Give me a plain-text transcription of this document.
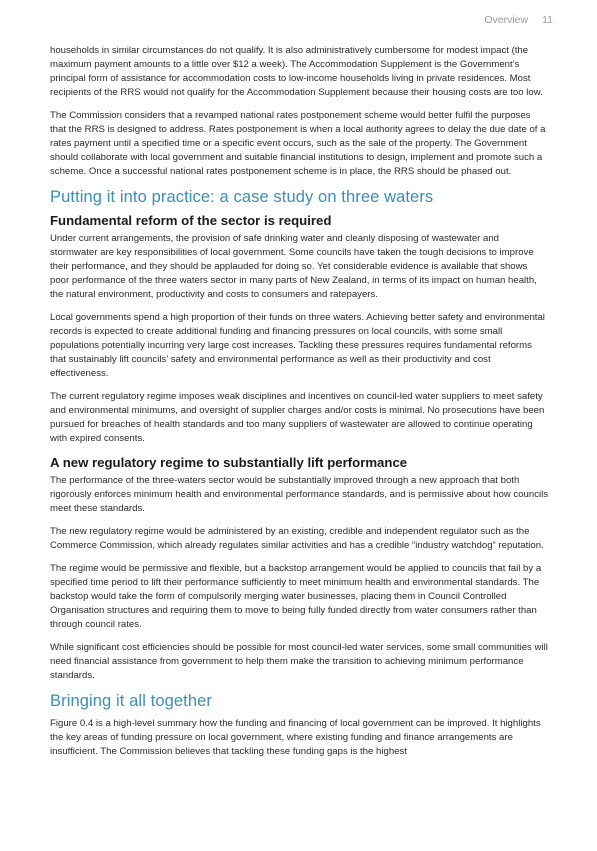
Overview 11

households in similar circumstances do not qualify. It is also administratively cumbersome for modest impact (the maximum payment amounts to a little over $12 a week). The Accommodation Supplement is the Government’s principal form of assistance for accommodation costs to low-income households living in private residences. Most recipients of the RRS would not qualify for the Accommodation Supplement because their housing costs are too low.

The Commission considers that a revamped national rates postponement scheme would better fulfil the purposes that the RRS is designed to address. Rates postponement is when a local authority agrees to delay the due date of a rates payment until a specified time or a specific event occurs, such as the sale of the property. The Government should collaborate with local government and suitable financial institutions to design, implement and promote such a scheme. Once a successful national rates postponement scheme is in place, the RRS should be phased out.

Putting it into practice: a case study on three waters
Fundamental reform of the sector is required

Under current arrangements, the provision of safe drinking water and cleanly disposing of wastewater and stormwater are key responsibilities of local government. Some councils have taken the tough decisions to improve their performance, and they should be applauded for doing so. Yet considerable evidence is available that shows poor performance of the three waters sector in many parts of New Zealand, in terms of its impact on human health, the natural environment, productivity and costs to consumers and ratepayers.

Local governments spend a high proportion of their funds on three waters. Achieving better safety and environmental records is expected to create additional funding and financing pressures on local councils, with some small populations potentially incurring very large cost increases. Tackling these pressures requires fundamental reforms that sustainably lift councils’ safety and environmental performance as well as their productivity and cost effectiveness.

The current regulatory regime imposes weak disciplines and incentives on council-led water suppliers to meet safety and environmental minimums, and oversight of supplier charges and/or costs is minimal. No prosecutions have been pursued for breaches of health standards and too many suppliers of wastewater are allowed to continue operating with expired consents.

A new regulatory regime to substantially lift performance

The performance of the three-waters sector would be substantially improved through a new approach that both rigorously enforces minimum health and environmental performance standards, and is permissive about how councils meet these standards.

The new regulatory regime would be administered by an existing, credible and independent regulator such as the Commerce Commission, which already regulates similar activities and has a credible “industry watchdog” reputation.

The regime would be permissive and flexible, but a backstop arrangement would be applied to councils that fail by a specified time period to lift their performance sufficiently to meet minimum health and environmental standards. The backstop would take the form of compulsorily merging water businesses, placing them in Council Controlled Organisation structures and requiring them to move to being fully funded directly from water consumers rather than through council rates.

While significant cost efficiencies should be possible for most council-led water services, some small communities will need financial assistance from government to help them make the transition to achieving minimum performance standards.

Bringing it all together

Figure 0.4 is a high-level summary how the funding and financing of local government can be improved. It highlights the key areas of funding pressure on local government, where existing funding and finance arrangements are insufficient. The Commission believes that tackling these funding gaps is the highest
